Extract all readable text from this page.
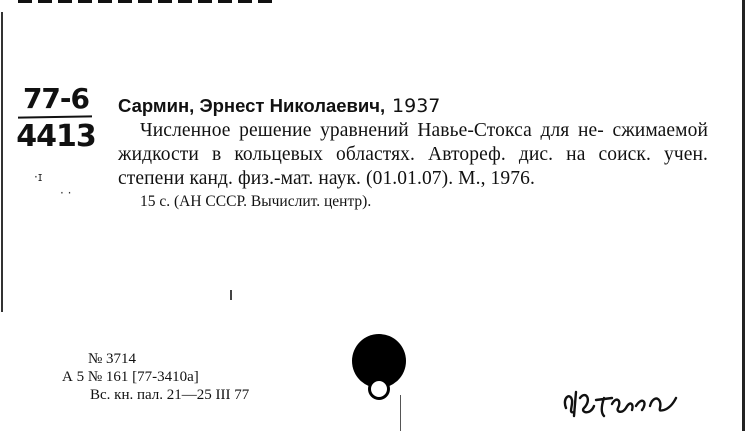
77-6
4413
·ɪ
· ·
Сармин, Эрнест Николаевич, 1937
Численное решение уравнений Навье-Стокса для не- сжимаемой жидкости в кольцевых областях. Автореф. дис. на соиск. учен. степени канд. физ.-мат. наук. (01.01.07). М., 1976.
15 с. (АН СССР. Вычислит. центр).
№ 3714
А 5 № 161 [77-3410а]
Вс. кн. пал. 21—25 III 77
